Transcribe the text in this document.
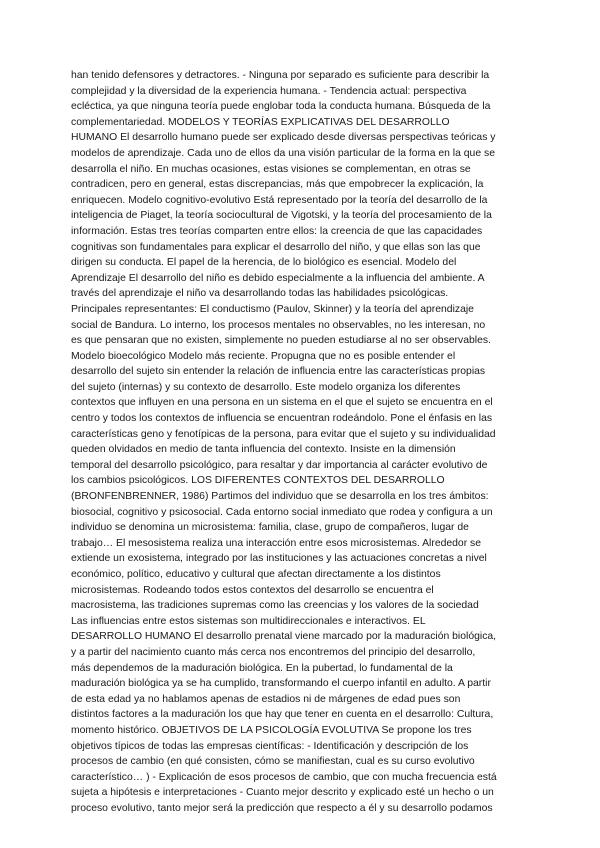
han tenido defensores y detractores. - Ninguna por separado es suficiente para describir la
complejidad y la diversidad de la experiencia humana. - Tendencia actual: perspectiva
ecléctica, ya que ninguna teoría puede englobar toda la conducta humana. Búsqueda de la
complementariedad. MODELOS Y TEORÍAS EXPLICATIVAS DEL DESARROLLO
HUMANO El desarrollo humano puede ser explicado desde diversas perspectivas teóricas y
modelos de aprendizaje. Cada uno de ellos da una visión particular de la forma en la que se
desarrolla el niño. En muchas ocasiones, estas visiones se complementan, en otras se
contradicen, pero en general, estas discrepancias, más que empobrecer la explicación, la
enriquecen. Modelo cognitivo-evolutivo Está representado por la teoría del desarrollo de la
inteligencia de Piaget, la teoría sociocultural de Vigotski, y la teoría del procesamiento de la
información. Estas tres teorías comparten entre ellos: la creencia de que las capacidades
cognitivas son fundamentales para explicar el desarrollo del niño, y que ellas son las que
dirigen su conducta. El papel de la herencia, de lo biológico es esencial. Modelo del
Aprendizaje El desarrollo del niño es debido especialmente a la influencia del ambiente. A
través del aprendizaje el niño va desarrollando todas las habilidades psicológicas.
Principales representantes: El conductismo (Paulov, Skinner) y la teoría del aprendizaje
social de Bandura. Lo interno, los procesos mentales no observables, no les interesan, no
es que pensaran que no existen, simplemente no pueden estudiarse al no ser observables.
Modelo bioecológico Modelo más reciente. Propugna que no es posible entender el
desarrollo del sujeto sin entender la relación de influencia entre las características propias
del sujeto (internas) y su contexto de desarrollo. Este modelo organiza los diferentes
contextos que influyen en una persona en un sistema en el que el sujeto se encuentra en el
centro y todos los contextos de influencia se encuentran rodeándolo. Pone el énfasis en las
características geno y fenotípicas de la persona, para evitar que el sujeto y su individualidad
queden olvidados en medio de tanta influencia del contexto. Insiste en la dimensión
temporal del desarrollo psicológico, para resaltar y dar importancia al carácter evolutivo de
los cambios psicológicos. LOS DIFERENTES CONTEXTOS DEL DESARROLLO
(BRONFENBRENNER, 1986) Partimos del individuo que se desarrolla en los tres ámbitos:
biosocial, cognitivo y psicosocial. Cada entorno social inmediato que rodea y configura a un
individuo se denomina un microsistema: familia, clase, grupo de compañeros, lugar de
trabajo… El mesosistema realiza una interacción entre esos microsistemas. Alrededor se
extiende un exosistema, integrado por las instituciones y las actuaciones concretas a nivel
económico, político, educativo y cultural que afectan directamente a los distintos
microsistemas. Rodeando todos estos contextos del desarrollo se encuentra el
macrosistema, las tradiciones supremas como las creencias y los valores de la sociedad
Las influencias entre estos sistemas son multidireccionales e interactivos. EL
DESARROLLO HUMANO El desarrollo prenatal viene marcado por la maduración biológica,
y a partir del nacimiento cuanto más cerca nos encontremos del principio del desarrollo,
más dependemos de la maduración biológica. En la pubertad, lo fundamental de la
maduración biológica ya se ha cumplido, transformando el cuerpo infantil en adulto. A partir
de esta edad ya no hablamos apenas de estadios ni de márgenes de edad pues son
distintos factores a la maduración los que hay que tener en cuenta en el desarrollo: Cultura,
momento histórico. OBJETIVOS DE LA PSICOLOGÍA EVOLUTIVA Se propone los tres
objetivos típicos de todas las empresas científicas: - Identificación y descripción de los
procesos de cambio (en qué consisten, cómo se manifiestan, cual es su curso evolutivo
característico… ) - Explicación de esos procesos de cambio, que con mucha frecuencia está
sujeta a hipótesis e interpretaciones - Cuanto mejor descrito y explicado esté un hecho o un
proceso evolutivo, tanto mejor será la predicción que respecto a él y su desarrollo podamos
